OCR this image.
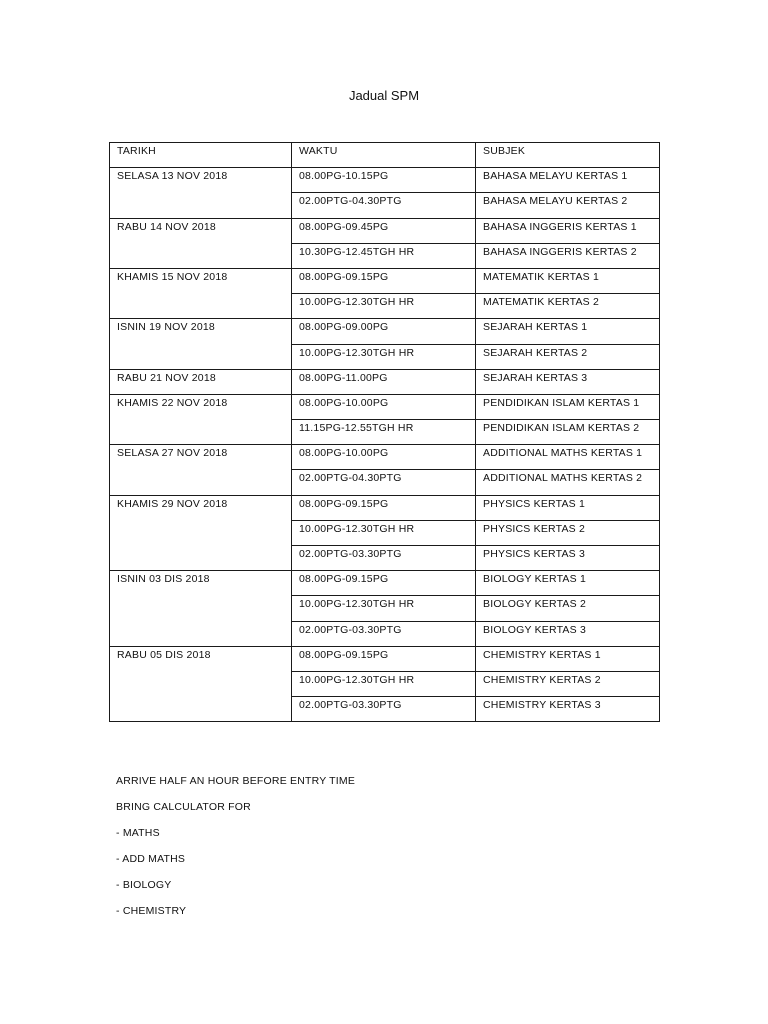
Jadual SPM
TARIKH	WAKTU	SUBJEK
SELASA 13 NOV 2018	08.00PG-10.15PG	BAHASA MELAYU KERTAS 1
	02.00PTG-04.30PTG	BAHASA MELAYU KERTAS 2
RABU 14 NOV 2018	08.00PG-09.45PG	BAHASA INGGERIS KERTAS 1
	10.30PG-12.45TGH HR	BAHASA INGGERIS KERTAS 2
KHAMIS 15 NOV 2018	08.00PG-09.15PG	MATEMATIK KERTAS 1
	10.00PG-12.30TGH HR	MATEMATIK KERTAS 2
ISNIN 19 NOV 2018	08.00PG-09.00PG	SEJARAH KERTAS 1
	10.00PG-12.30TGH HR	SEJARAH KERTAS 2
RABU 21 NOV 2018	08.00PG-11.00PG	SEJARAH KERTAS 3
KHAMIS 22 NOV 2018	08.00PG-10.00PG	PENDIDIKAN ISLAM KERTAS 1
	11.15PG-12.55TGH HR	PENDIDIKAN ISLAM KERTAS 2
SELASA 27 NOV 2018	08.00PG-10.00PG	ADDITIONAL MATHS KERTAS 1
	02.00PTG-04.30PTG	ADDITIONAL MATHS KERTAS 2
KHAMIS 29 NOV 2018	08.00PG-09.15PG	PHYSICS KERTAS 1
	10.00PG-12.30TGH HR	PHYSICS KERTAS 2
	02.00PTG-03.30PTG	PHYSICS KERTAS 3
ISNIN 03 DIS 2018	08.00PG-09.15PG	BIOLOGY KERTAS 1
	10.00PG-12.30TGH HR	BIOLOGY KERTAS 2
	02.00PTG-03.30PTG	BIOLOGY KERTAS 3
RABU 05 DIS 2018	08.00PG-09.15PG	CHEMISTRY KERTAS 1
	10.00PG-12.30TGH HR	CHEMISTRY KERTAS 2
	02.00PTG-03.30PTG	CHEMISTRY KERTAS 3
ARRIVE HALF AN HOUR BEFORE ENTRY TIME
BRING CALCULATOR FOR
- MATHS
- ADD MATHS
- BIOLOGY
- CHEMISTRY
